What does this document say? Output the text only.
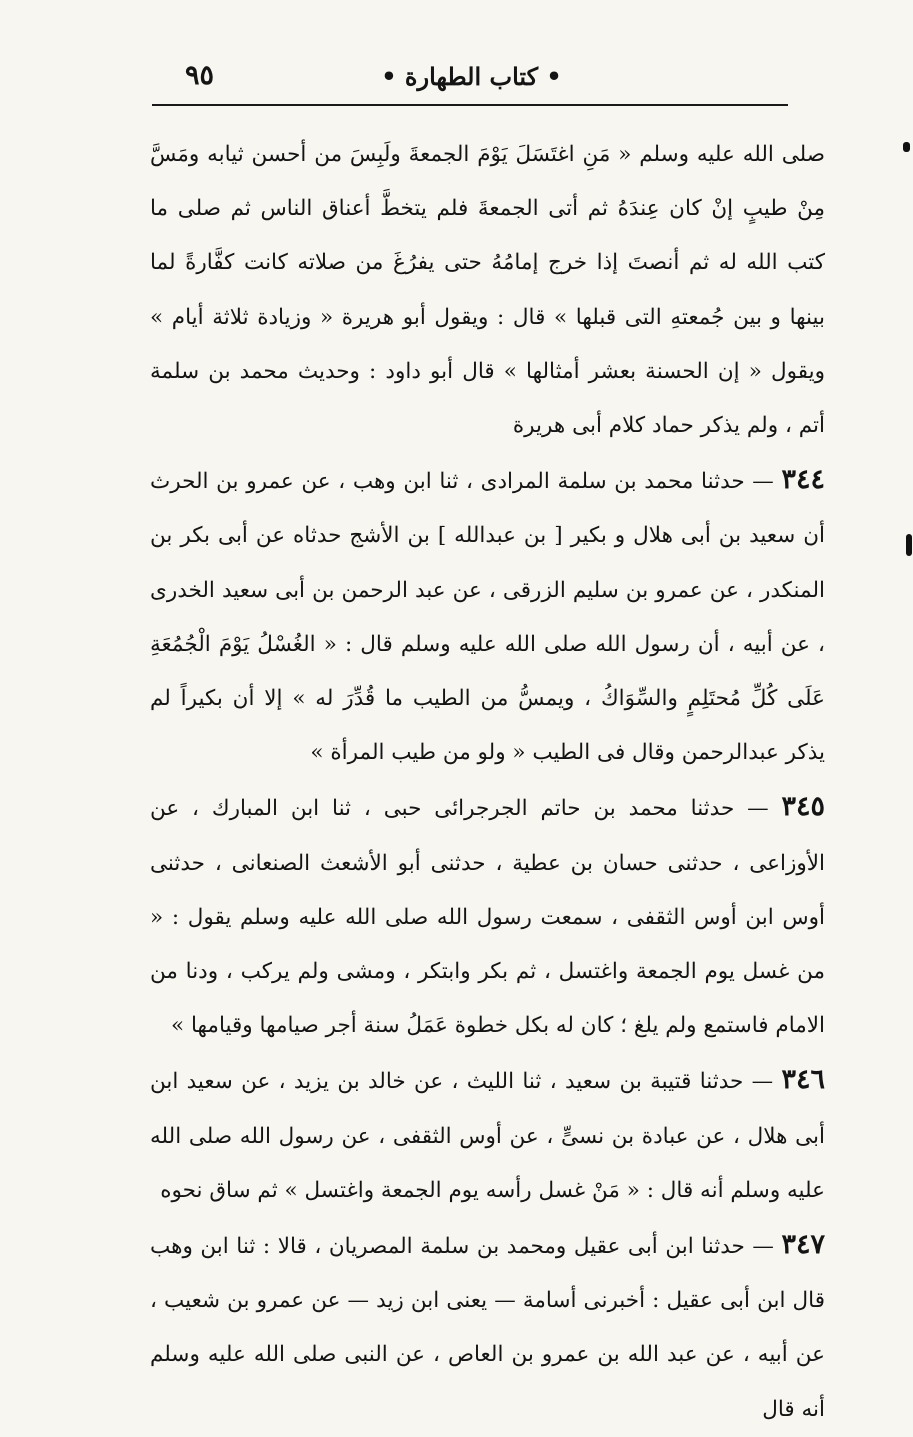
٩٥	• كتاب الطهارة •

صلى الله عليه وسلم « مَنِ اغتَسَلَ يَوْمَ الجمعةَ ولَبِسَ من أحسن ثيابه ومَسَّ مِنْ طيبٍ إنْ كان عِندَهُ ثم أتى الجمعةَ فلم يتخطَّ أعناق الناس ثم صلى ما كتب الله له ثم أنصتَ إذا خرج إمامُهُ حتى يفرُغَ من صلاته كانت كفَّارةً لما بينها و بين جُمعتهِ التى قبلها » قال : ويقول أبو هريرة « وزيادة ثلاثة أيام » ويقول « إن الحسنة بعشر أمثالها » قال أبو داود : وحديث محمد بن سلمة أتم ، ولم يذكر حماد كلام أبى هريرة

٣٤٤ — حدثنا محمد بن سلمة المرادى ، ثنا ابن وهب ، عن عمرو بن الحرث أن سعيد بن أبى هلال و بكير [ بن عبدالله ] بن الأشج حدثاه عن أبى بكر بن المنكدر ، عن عمرو بن سليم الزرقى ، عن عبد الرحمن بن أبى سعيد الخدرى ، عن أبيه ، أن رسول الله صلى الله عليه وسلم قال : « الغُسْلُ يَوْمَ الْجُمُعَةِ عَلَى كُلِّ مُحتَلِمٍ والسِّوَاكُ ، ويمسُّ من الطيب ما قُدِّرَ له » إلا أن بكيراً لم يذكر عبدالرحمن وقال فى الطيب « ولو من طيب المرأة »

٣٤٥ — حدثنا محمد بن حاتم الجرجرائى حبى ، ثنا ابن المبارك ، عن الأوزاعى ، حدثنى حسان بن عطية ، حدثنى أبو الأشعث الصنعانى ، حدثنى أوس ابن أوس الثقفى ، سمعت رسول الله صلى الله عليه وسلم يقول : « من غسل يوم الجمعة واغتسل ، ثم بكر وابتكر ، ومشى ولم يركب ، ودنا من الامام فاستمع ولم يلغ ؛ كان له بكل خطوة عَمَلُ سنة أجر صيامها وقيامها »

٣٤٦ — حدثنا قتيبة بن سعيد ، ثنا الليث ، عن خالد بن يزيد ، عن سعيد ابن أبى هلال ، عن عبادة بن نسىٍّ ، عن أوس الثقفى ، عن رسول الله صلى الله عليه وسلم أنه قال : « مَنْ غسل رأسه يوم الجمعة واغتسل » ثم ساق نحوه

٣٤٧ — حدثنا ابن أبى عقيل ومحمد بن سلمة المصريان ، قالا : ثنا ابن وهب قال ابن أبى عقيل : أخبرنى أسامة — يعنى ابن زيد — عن عمرو بن شعيب ، عن أبيه ، عن عبد الله بن عمرو بن العاص ، عن النبى صلى الله عليه وسلم أنه قال
